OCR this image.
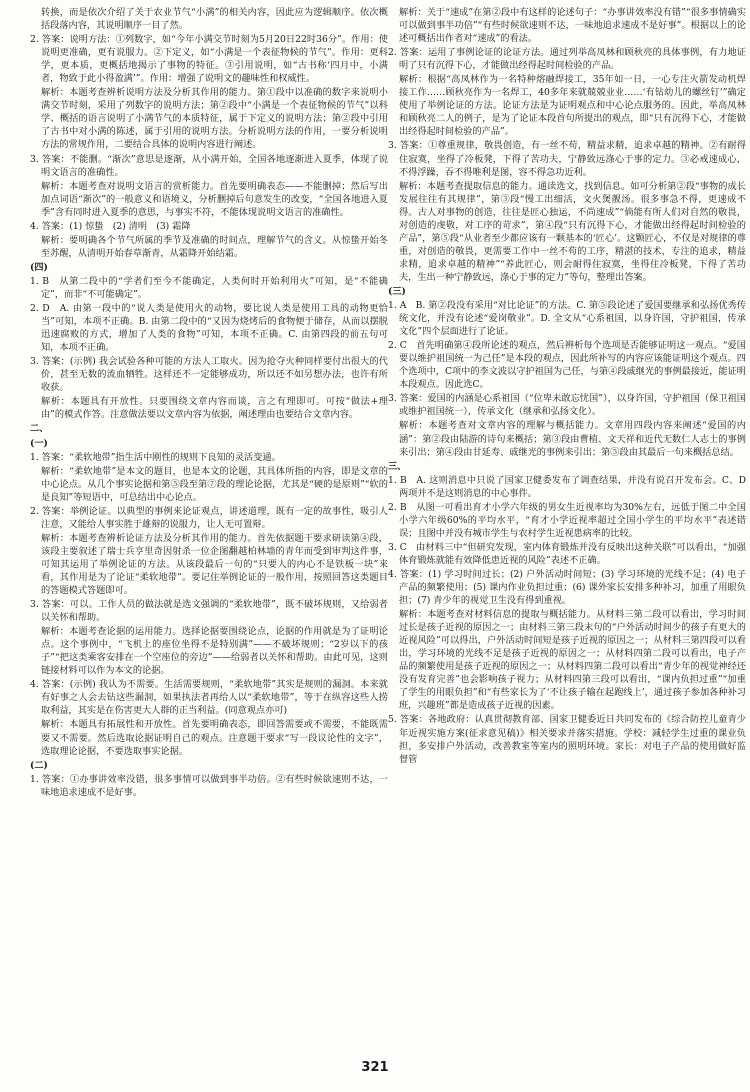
转换，而是依次介绍了关于农业节气“小满”的相关内容，因此应为逻辑顺序。依次概括段落内容，其说明顺序一目了然。

2. 答案：说明方法：①列数字，如“今年小满交节时刻为5月20日22时36分”。作用：使说明更准确，更有说服力。②下定义，如“小满是一个表征物候的节气”。作用：更科学，更本质，更概括地揭示了事物的特征。③引用说明，如“古书称‘四月中，小满者，物致于此小得盈满’”。作用：增强了说明文的趣味性和权威性。

解析：本题考查辨析说明方法及分析其作用的能力。第①段中以准确的数字来说明小满交节时刻，采用了列数字的说明方法；第②段中“小满是一个表征物候的节气”以科学、概括的语言说明了小满节气的本质特征，属于下定义的说明方法；第②段中引用了古书中对小满的陈述，属于引用的说明方法。分析说明方法的作用，一要分析说明方法的常规作用，二要结合具体的说明内容进行阐述。

3. 答案：不能删。“渐次”意思是逐渐，从小满开始，全国各地逐渐进入夏季，体现了说明文语言的准确性。

解析：本题考查对说明文语言的赏析能力。首先要明确表态——不能删掉；然后写出加点词语“渐次”的一般意义和语境义，分析删掉后句意发生的改变，“全国各地进入夏季”含有同时进入夏季的意思，与事实不符，不能体现说明文语言的准确性。

4. 答案：(1) 惊蛰　(2) 清明　(3) 霜降

解析：要明确各个节气所属的季节及准确的时间点，理解节气的含义。从惊蛰开始冬至苏醒，从清明开始春草渐青，从霜降开始结霜。

(四)

1. B　从第二段中的“学者们至今不能确定，人类何时开始利用火”可知，是“不能确定”，而非“不可能确定”。

2. D　A. 由第一段中的“说人类是使用火的动物，要比说人类是使用工具的动物更恰当”可知，本项不正确。B. 由第二段中的“又因为烧烤后的食物便于储存，从而以摆脱迅速腐败的方式，增加了人类的食物”可知，本项不正确。C. 由第四段的前五句可知，本项不正确。

3. 答案：(示例) 我会试验各种可能的方法人工取火。因为抢夺火种同样要付出很大的代价，甚至无数的流血牺牲。这样还不一定能够成功，所以还不如另想办法，也许有所收获。

解析：本题具有开放性。只要围绕文章内容而谈，言之有理即可。可按“做法+理由”的模式作答。注意做法要以文章内容为依据，阐述理由也要结合文章内容。

二、

(一)

1. 答案：“柔软地带”指生活中刚性的规则下良知的灵活变通。

解析：“柔软地带”是本文的题目，也是本文的论题，其具体所指的内容，即是文章的中心论点。从几个事实论据和第⑤段至第⑦段的理论论据，尤其是“硬的是原则”“软的是良知”等短语中，可总结出中心论点。

2. 答案：举例论证。以典型的事例来论证观点，讲述道理，既有一定的故事性，吸引人注意，又能给人事实胜于雄辩的说服力，让人无可置辩。

解析：本题考查辨析论证方法及分析其作用的能力。首先依据题干要求研读第④段，该段主要叙述了瑞士兵亨里奇因射杀一位企图翻越柏林墙的青年而受到审判这件事，可知其运用了举例论证的方法。从该段最后一句的“只要人的内心不是铁板一块”来看，其作用是为了论证“柔软地带”。要记住举例论证的一般作用，按照回答这类题目的答题模式答题即可。

3. 答案：可以。工作人员的做法就是选文强调的“柔软地带”，既不破坏规则，又给弱者以关怀和帮助。

解析：本题考查论据的运用能力。选择论据要围绕论点，论据的作用就是为了证明论点。这个事例中，“飞机上的座位坐得不是特别满”——不破坏规则；“2岁以下的孩子”“把这类乘客安排在一个空座位的旁边”——给弱者以关怀和帮助。由此可见，这则链接材料可以作为本文的论据。

4. 答案：(示例) 我认为不需要。生活需要规则，“柔软地带”其实是规则的漏洞。本来就有好事之人会去钻这些漏洞，如果执法者再给人以“柔软地带”，等于在纵容这些人捞取利益，其实是在伤害更大人群的正当利益。(同意观点亦可)

解析：本题具有拓展性和开放性。首先要明确表态，即回答需要或不需要，不能既需要又不需要。然后选取论据证明自己的观点。注意题干要求“写一段议论性的文字”，选取理论论据，不要选取事实论据。

(二)

1. 答案：①办事讲效率没错，很多事情可以做到事半功倍。②有些时候欲速则不达，一味地追求速成不是好事。

解析：关于“速成”在第②段中有这样的论述句子：“办事讲效率没有错”“很多事情确实可以做到事半功倍”“有些时候欲速则不达，一味地追求速成不是好事”。根据以上的论述可概括出作者对“速成”的看法。

2. 答案：运用了事例论证的论证方法。通过列举高凤林和顾秋亮的具体事例，有力地证明了只有沉得下心，才能做出经得起时间检验的产品。

解析：根据“高凤林作为一名特种熔融焊接工，35年如一日，一心专注火箭发动机焊接工作……顾秋亮作为一名焊工，40多年来就兢兢业业……‘有钻幼儿的螺丝钉’”确定使用了举例论证的方法。论证方法是为证明观点和中心论点服务的。因此，举高凤林和顾秋亮二人的例子，是为了论证本段首句所提出的观点，即“只有沉得下心，才能做出经得起时间检验的产品”。

3. 答案：①尊重规律，敬畏创造，有一丝不苟，精益求精，追求卓越的精神。②有耐得住寂寞，坐得了冷板凳，下得了苦功夫，宁静致远涤心于事的定力。③必戒速成心，不得浮躁，吞不得唯利是图，容不得急功近利。

解析：本题考查提取信息的能力。通读选文，找到信息。如可分析第②段“事物的成长发展往往有其规律”，第③段“慢工出细活，文火煲靓汤。很多事急不得，更速成不得。古人对事物的创造，往往是匠心独运，不尚速成”“倘能有所人们对自然的敬畏，对创造的虔敬，对工序的苛求”，第④段“只有沉得下心，才能做出经得起时间检验的产品”，第⑤段“从业者至少都应该有一颗基本的‘匠心’。这颗匠心，不仅是对规律的尊重，对创造的敬畏，更需要工作中一丝不苟的工序，精湛的技术，专注的追求，精益求精，追求卓越的精神”“养此匠心，则会耐得住寂寞，坐得住冷板凳，下得了苦功夫，生出一种宁静致远，涤心于事的定力”等句，整理出答案。

(三)

1. A　B. 第②段没有采用“对比论证”的方法。C. 第⑤段论述了爱国要继承和弘扬优秀传统文化，并没有论述“爱岗敬业”。D. 全文从“心系祖国，以身许国，守护祖国，传承文化”四个层面进行了论证。

2. C　首先明确第④段所论述的观点，然后辨析每个选项是否能够证明这一观点。“爱国要以维护祖国统一为己任”是本段的观点，因此所补写的内容应该能证明这个观点。四个选项中，C项中的李文波以守护祖国为己任，与第④段戚继光的事例最接近，能证明本段观点。因此选C。

3. 答案：爱国的内涵是心系祖国（“位卑未敢忘忧国”），以身许国，守护祖国（保卫祖国或维护祖国统一），传承文化（继承和弘扬文化）。

解析：本题考查对文章内容的理解与概括能力。文章用四段内容来阐述“爱国的内涵”：第②段由陆游的诗句来概括；第③段由曹植、文天祥和近代无数仁人志士的事例来引出；第④段由甘延寿、戚继光的事例来引出；第⑤段由其最后一句来概括总结。

三、

1. B　A. 这则消息中只说了国家卫健委发布了调查结果，并没有说召开发布会。C、D 两项并不是这则消息的中心事件。

2. B　从图一可看出育才小学六年级的男女生近视率均为30%左右，远低于图二中全国小学六年级60%的平均水平，“育才小学近视率超过全国小学生的平均水平”表述错误；且图中并没有城市学生与农村学生近视患病率的比较。

3. C　由材料三中“但研究发现，室内体育锻炼并没有反映出这种关联”可以看出，“加强体育锻炼就能有效降低患近视的风险”表述不正确。

4. 答案：(1) 学习时间过长；(2) 户外活动时间短；(3) 学习环境的光线不足；(4) 电子产品的频繁使用；(5) 课内作业负担过重；(6) 课外家长安排多种补习，加重了用眼负担；(7) 青少年的视觉卫生没有得到重视。

解析：本题考查对材料信息的提取与概括能力。从材料三第二段可以看出，学习时间过长是孩子近视的原因之一；由材料三第三段末句的“户外活动时间少的孩子有更大的近视风险”可以得出，户外活动时间短是孩子近视的原因之一；从材料三第四段可以看出，学习环境的光线不足是孩子近视的原因之一；从材料四第二段可以看出，电子产品的频繁使用是孩子近视的原因之一；从材料四第二段可以看出“青少年的视觉神经还没有发育完善”也会影响孩子视力；从材料四第三段可以看出，“课内负担过重”“加重了学生的用眼负担”和“有些家长为了‘不让孩子输在起跑线上’，通过孩子参加各种补习班，兴趣班”都是造成孩子近视的因素。

5. 答案：各地政府：认真贯彻教育部、国家卫健委近日共同发布的《综合防控儿童青少年近视实施方案(征求意见稿)》相关要求并落实措施。学校：减轻学生过重的课业负担，多安排户外活动，改善教室等室内的照明环境。家长：对电子产品的使用做好监督管

321
